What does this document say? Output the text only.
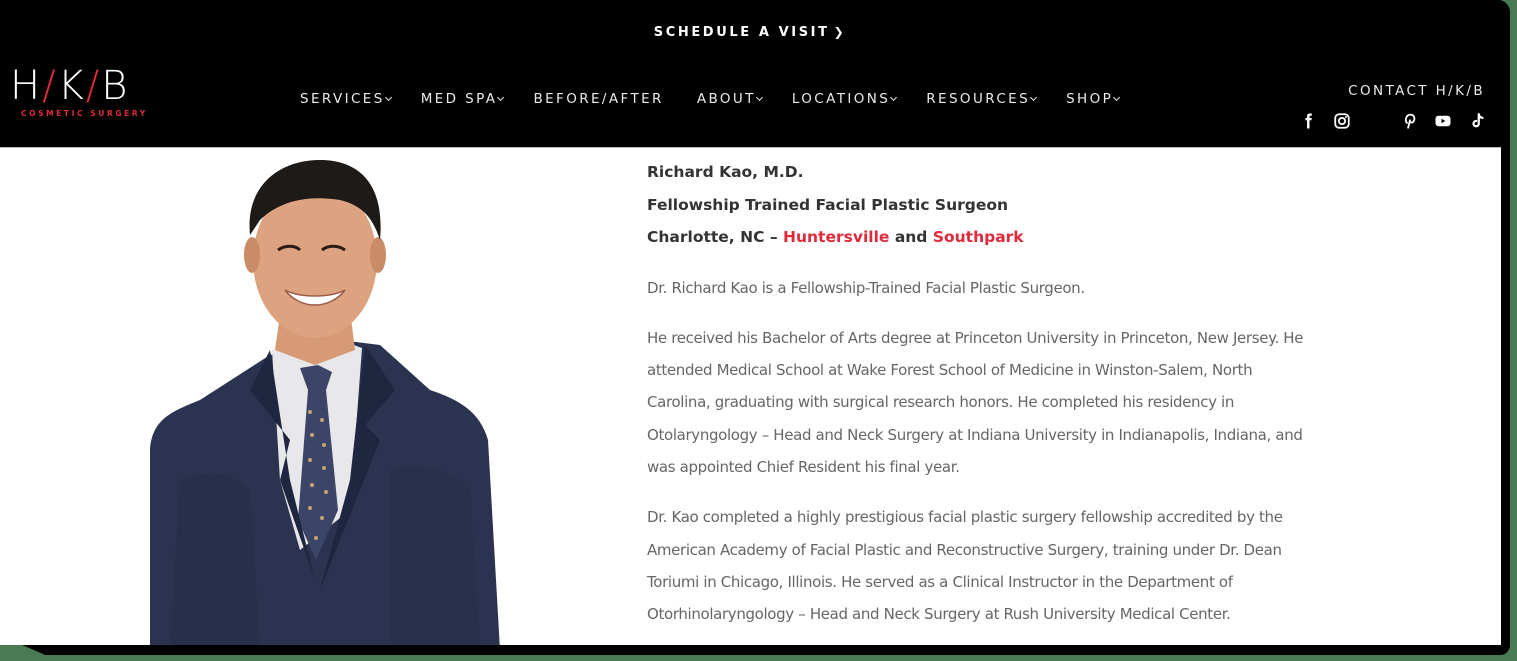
SCHEDULE A VISIT ❯
H/K/B
COSMETIC SURGERY
SERVICES	MED SPA	BEFORE/AFTER ABOUT	LOCATIONS	RESOURCES	SHOP	CONTACT H/K/B
Richard Kao, M.D.
Fellowship Trained Facial Plastic Surgeon
Charlotte, NC – Huntersville and Southpark

Dr. Richard Kao is a Fellowship-Trained Facial Plastic Surgeon.

He received his Bachelor of Arts degree at Princeton University in Princeton, New Jersey. He
attended Medical School at Wake Forest School of Medicine in Winston-Salem, North
Carolina, graduating with surgical research honors. He completed his residency in
Otolaryngology – Head and Neck Surgery at Indiana University in Indianapolis, Indiana, and
was appointed Chief Resident his final year.

Dr. Kao completed a highly prestigious facial plastic surgery fellowship accredited by the
American Academy of Facial Plastic and Reconstructive Surgery, training under Dr. Dean
Toriumi in Chicago, Illinois. He served as a Clinical Instructor in the Department of
Otorhinolaryngology – Head and Neck Surgery at Rush University Medical Center.
